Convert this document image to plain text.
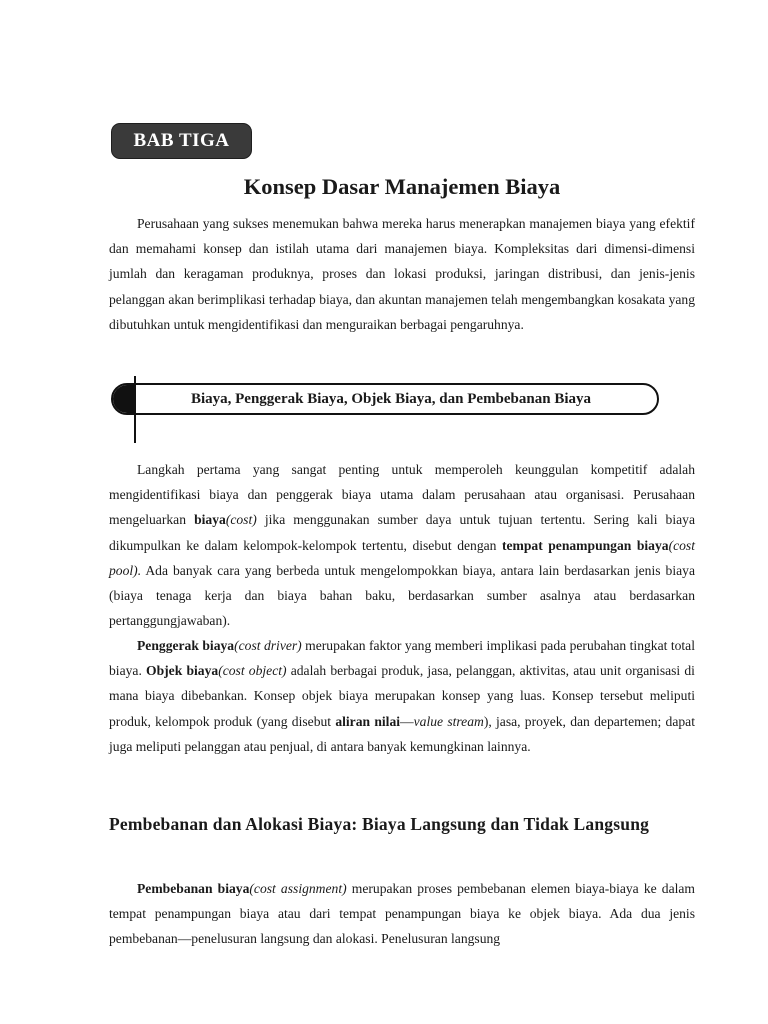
BAB TIGA
Konsep Dasar Manajemen Biaya

Perusahaan yang sukses menemukan bahwa mereka harus menerapkan manajemen biaya yang efektif dan memahami konsep dan istilah utama dari manajemen biaya. Kompleksitas dari dimensi-dimensi jumlah dan keragaman produknya, proses dan lokasi produksi, jaringan distribusi, dan jenis-jenis pelanggan akan berimplikasi terhadap biaya, dan akuntan manajemen telah mengembangkan kosakata yang dibutuhkan untuk mengidentifikasi dan menguraikan berbagai pengaruhnya.

Biaya, Penggerak Biaya, Objek Biaya, dan Pembebanan Biaya

Langkah pertama yang sangat penting untuk memperoleh keunggulan kompetitif adalah mengidentifikasi biaya dan penggerak biaya utama dalam perusahaan atau organisasi. Perusahaan mengeluarkan biaya(cost) jika menggunakan sumber daya untuk tujuan tertentu. Sering kali biaya dikumpulkan ke dalam kelompok-kelompok tertentu, disebut dengan tempat penampungan biaya(cost pool). Ada banyak cara yang berbeda untuk mengelompokkan biaya, antara lain berdasarkan jenis biaya (biaya tenaga kerja dan biaya bahan baku, berdasarkan sumber asalnya atau berdasarkan pertanggungjawaban).

Penggerak biaya(cost driver) merupakan faktor yang memberi implikasi pada perubahan tingkat total biaya. Objek biaya(cost object) adalah berbagai produk, jasa, pelanggan, aktivitas, atau unit organisasi di mana biaya dibebankan. Konsep objek biaya merupakan konsep yang luas. Konsep tersebut meliputi produk, kelompok produk (yang disebut aliran nilai—value stream), jasa, proyek, dan departemen; dapat juga meliputi pelanggan atau penjual, di antara banyak kemungkinan lainnya.

Pembebanan dan Alokasi Biaya: Biaya Langsung dan Tidak Langsung

Pembebanan biaya(cost assignment) merupakan proses pembebanan elemen biaya-biaya ke dalam tempat penampungan biaya atau dari tempat penampungan biaya ke objek biaya. Ada dua jenis pembebanan—penelusuran langsung dan alokasi. Penelusuran langsung
